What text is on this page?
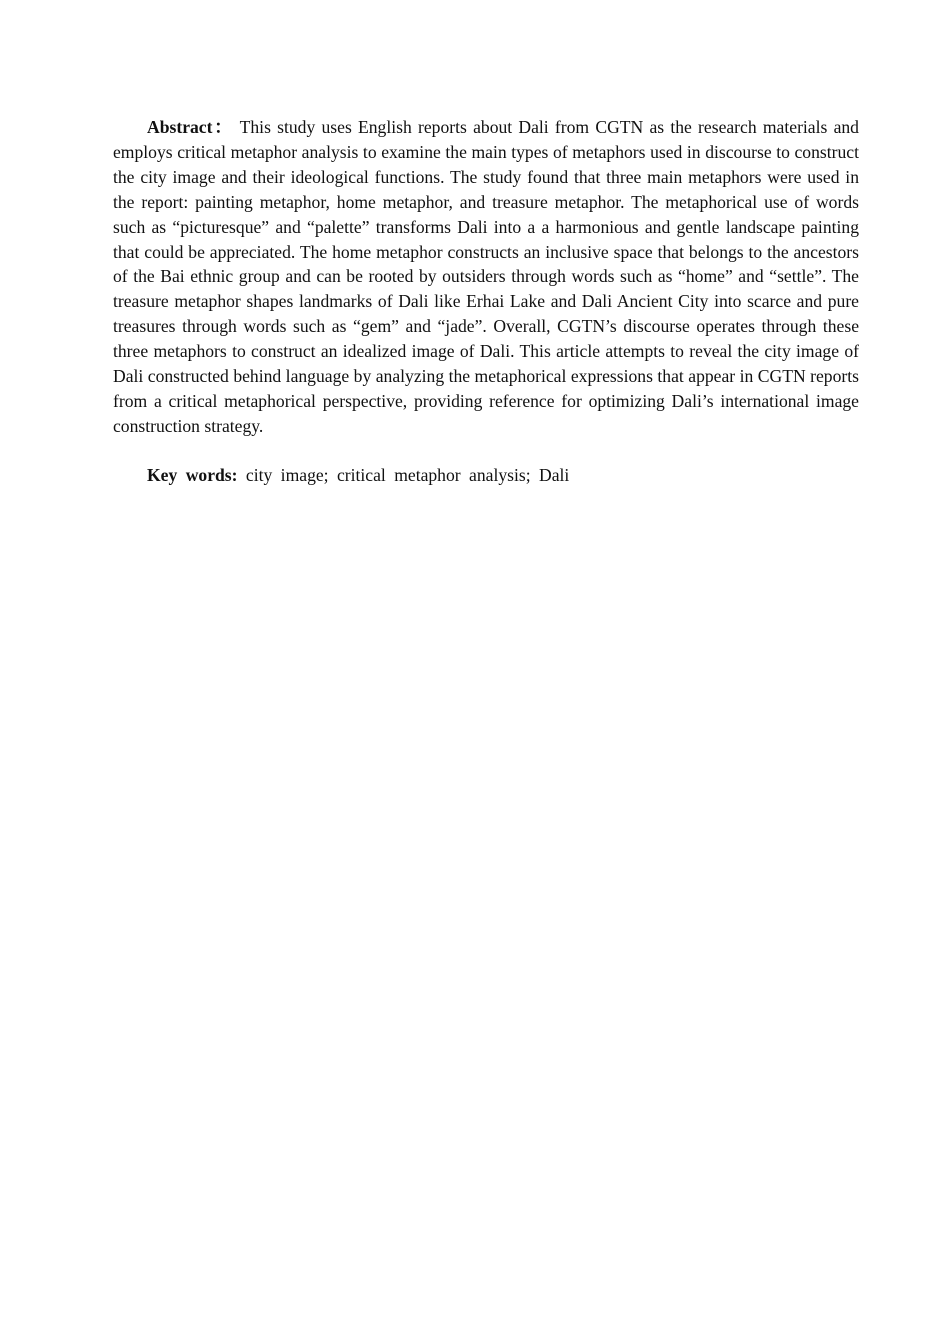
Abstract： This study uses English reports about Dali from CGTN as the research materials and employs critical metaphor analysis to examine the main types of metaphors used in discourse to construct the city image and their ideological functions. The study found that three main metaphors were used in the report: painting metaphor, home metaphor, and treasure metaphor. The metaphorical use of words such as “picturesque” and “palette” transforms Dali into a a harmonious and gentle landscape painting that could be appreciated. The home metaphor constructs an inclusive space that belongs to the ancestors of the Bai ethnic group and can be rooted by outsiders through words such as “home” and “settle”. The treasure metaphor shapes landmarks of Dali like Erhai Lake and Dali Ancient City into scarce and pure treasures through words such as “gem” and “jade”. Overall, CGTN’s discourse operates through these three metaphors to construct an idealized image of Dali. This article attempts to reveal the city image of Dali constructed behind language by analyzing the metaphorical expressions that appear in CGTN reports from a critical metaphorical perspective, providing reference for optimizing Dali’s international image construction strategy.

Key words: city image; critical metaphor analysis; Dali
